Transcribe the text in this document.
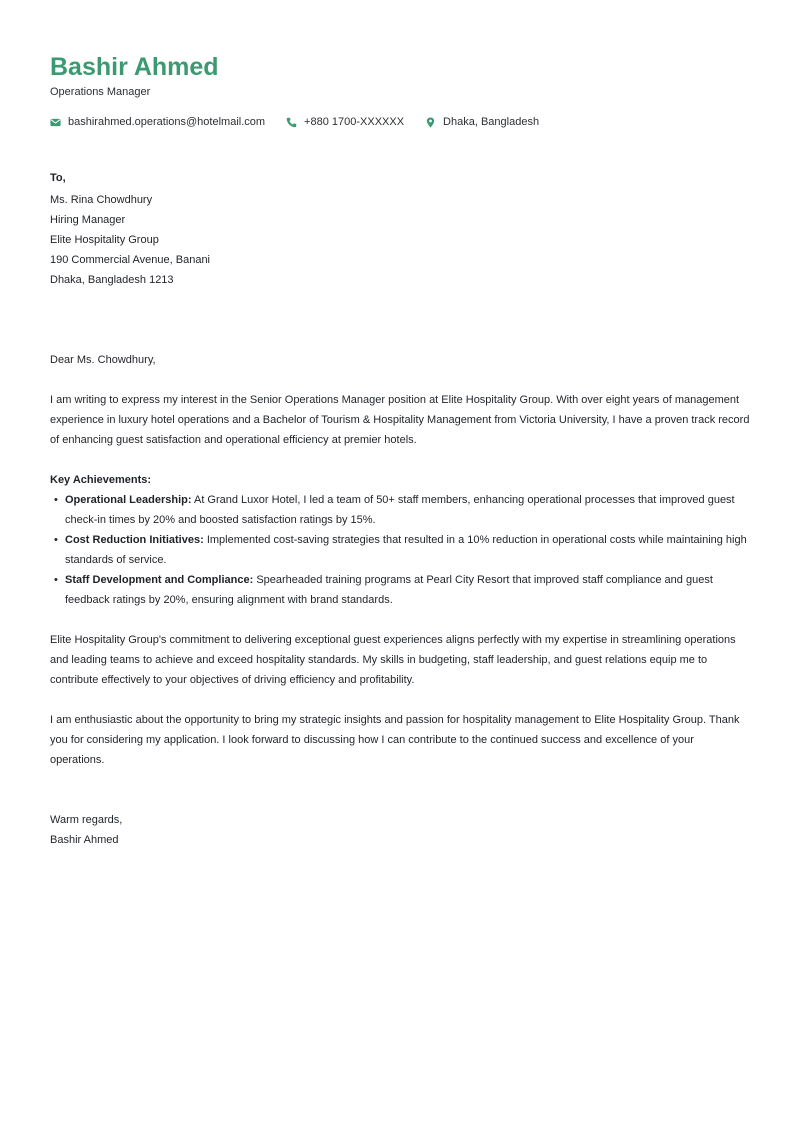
Bashir Ahmed
Operations Manager
bashirahmed.operations@hotelmail.com	+880 1700-XXXXXX	Dhaka, Bangladesh
To,
Ms. Rina Chowdhury
Hiring Manager
Elite Hospitality Group
190 Commercial Avenue, Banani
Dhaka, Bangladesh 1213
Dear Ms. Chowdhury,

I am writing to express my interest in the Senior Operations Manager position at Elite Hospitality Group. With over eight years of management experience in luxury hotel operations and a Bachelor of Tourism & Hospitality Management from Victoria University, I have a proven track record of enhancing guest satisfaction and operational efficiency at premier hotels.

Key Achievements:
• Operational Leadership: At Grand Luxor Hotel, I led a team of 50+ staff members, enhancing operational processes that improved guest check-in times by 20% and boosted satisfaction ratings by 15%.
• Cost Reduction Initiatives: Implemented cost-saving strategies that resulted in a 10% reduction in operational costs while maintaining high standards of service.
• Staff Development and Compliance: Spearheaded training programs at Pearl City Resort that improved staff compliance and guest feedback ratings by 20%, ensuring alignment with brand standards.

Elite Hospitality Group's commitment to delivering exceptional guest experiences aligns perfectly with my expertise in streamlining operations and leading teams to achieve and exceed hospitality standards. My skills in budgeting, staff leadership, and guest relations equip me to contribute effectively to your objectives of driving efficiency and profitability.

I am enthusiastic about the opportunity to bring my strategic insights and passion for hospitality management to Elite Hospitality Group. Thank you for considering my application. I look forward to discussing how I can contribute to the continued success and excellence of your operations.

Warm regards,
Bashir Ahmed
